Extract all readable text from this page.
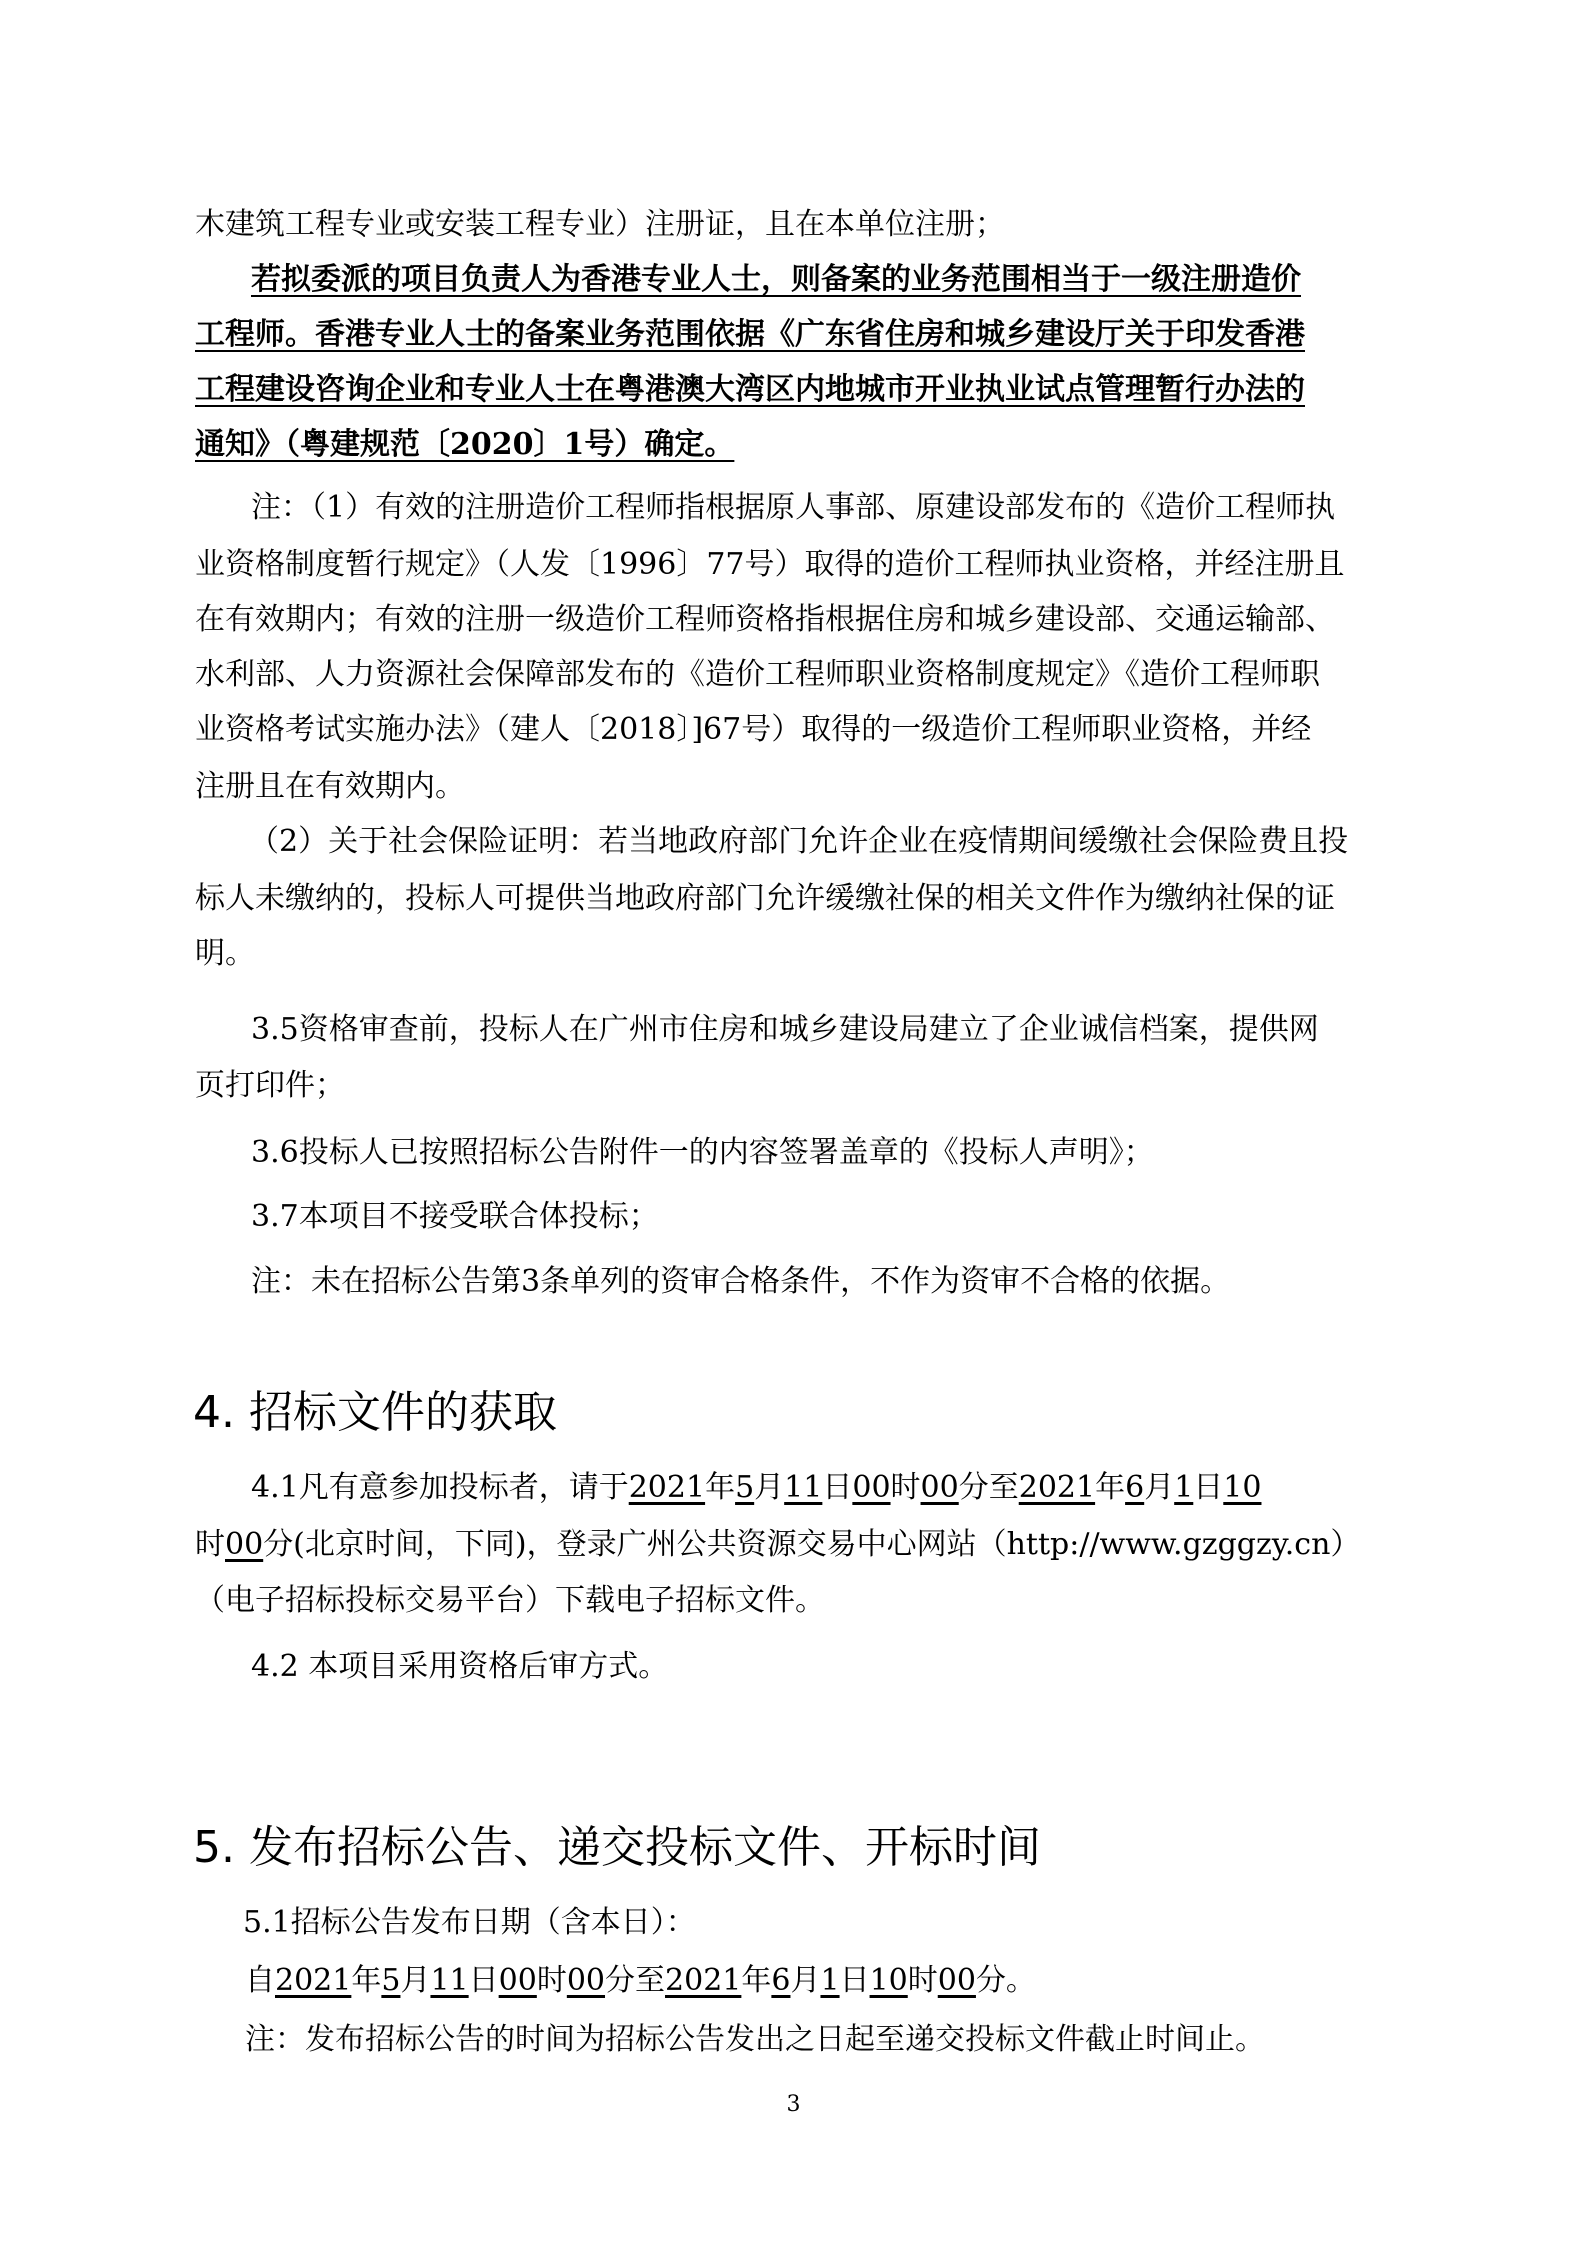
木建筑工程专业或安装工程专业）注册证，且在本单位注册；
若拟委派的项目负责人为香港专业人士，则备案的业务范围相当于一级注册造价
工程师。香港专业人士的备案业务范围依据《广东省住房和城乡建设厅关于印发香港
工程建设咨询企业和专业人士在粤港澳大湾区内地城市开业执业试点管理暂行办法的
通知》（粤建规范〔2020〕1号）确定。
注：（1）有效的注册造价工程师指根据原人事部、原建设部发布的《造价工程师执
业资格制度暂行规定》（人发〔1996〕77号）取得的造价工程师执业资格，并经注册且
在有效期内；有效的注册一级造价工程师资格指根据住房和城乡建设部、交通运输部、
水利部、人力资源社会保障部发布的《造价工程师职业资格制度规定》《造价工程师职
业资格考试实施办法》（建人〔2018〕]67号）取得的一级造价工程师职业资格，并经
注册且在有效期内。
（2）关于社会保险证明：若当地政府部门允许企业在疫情期间缓缴社会保险费且投
标人未缴纳的，投标人可提供当地政府部门允许缓缴社保的相关文件作为缴纳社保的证
明。
3.5资格审查前，投标人在广州市住房和城乡建设局建立了企业诚信档案，提供网
页打印件；
3.6投标人已按照招标公告附件一的内容签署盖章的《投标人声明》；
3.7本项目不接受联合体投标；
注：未在招标公告第3条单列的资审合格条件，不作为资审不合格的依据。
4. 招标文件的获取
4.1凡有意参加投标者，请于2021年5月11日00时00分至2021年6月1日10
时00分(北京时间，下同)，登录广州公共资源交易中心网站（http://www.gzggzy.cn）
（电子招标投标交易平台）下载电子招标文件。
4.2 本项目采用资格后审方式。
5. 发布招标公告、递交投标文件、开标时间
5.1招标公告发布日期（含本日）：
自2021年5月11日00时00分至2021年6月1日10时00分。
注：发布招标公告的时间为招标公告发出之日起至递交投标文件截止时间止。
3
